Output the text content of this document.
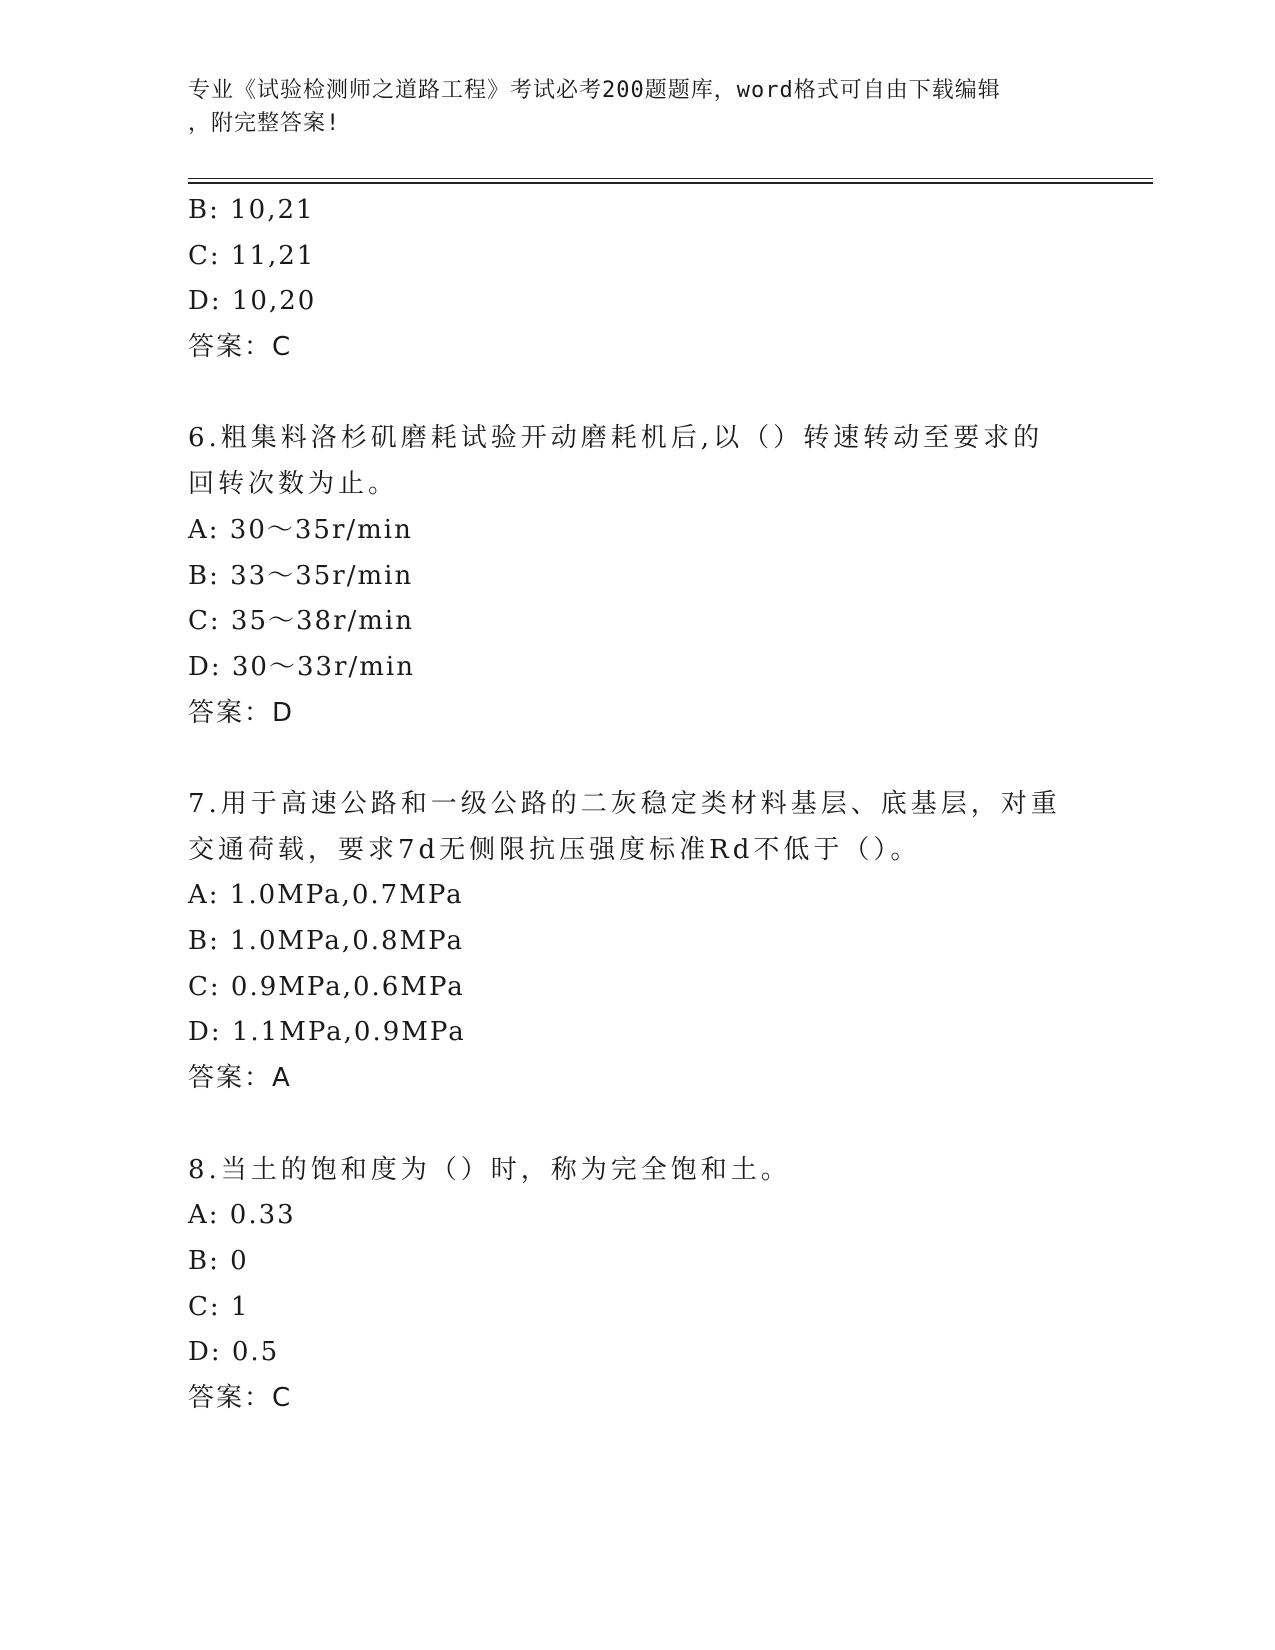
专业《试验检测师之道路工程》考试必考200题题库，word格式可自由下载编辑
，附完整答案!
B: 10,21
C: 11,21
D: 10,20
答案：C
6.粗集料洛杉矶磨耗试验开动磨耗机后,以（）转速转动至要求的回转次数为止。
A: 30～35r/min
B: 33～35r/min
C: 35～38r/min
D: 30～33r/min
答案：D
7.用于高速公路和一级公路的二灰稳定类材料基层、底基层，对重交通荷载，要求7d无侧限抗压强度标准Rd不低于（）。
A: 1.0MPa,0.7MPa
B: 1.0MPa,0.8MPa
C: 0.9MPa,0.6MPa
D: 1.1MPa,0.9MPa
答案：A
8.当土的饱和度为（）时，称为完全饱和土。
A: 0.33
B: 0
C: 1
D: 0.5
答案：C
